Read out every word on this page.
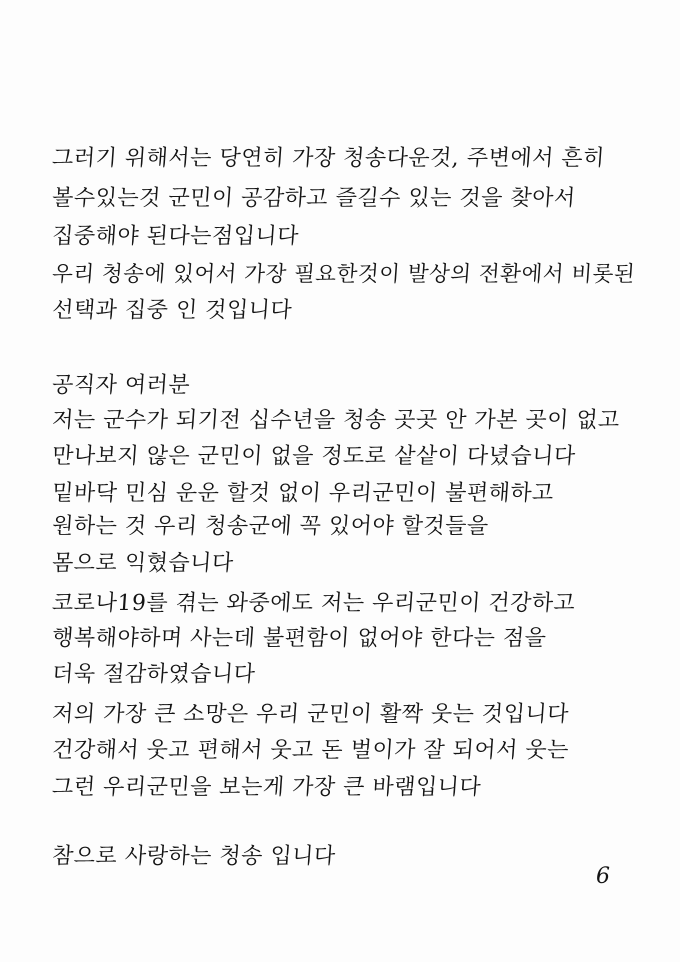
그러기 위해서는 당연히 가장 청송다운것, 주변에서 흔히
볼수있는것 군민이 공감하고 즐길수 있는 것을 찾아서
집중해야 된다는점입니다
우리 청송에 있어서 가장 필요한것이 발상의 전환에서 비롯된
선택과 집중 인 것입니다
공직자 여러분
저는 군수가 되기전 십수년을 청송 곳곳 안 가본 곳이 없고
만나보지 않은 군민이 없을 정도로 샅샅이 다녔습니다
밑바닥 민심 운운 할것 없이 우리군민이 불편해하고
원하는 것 우리 청송군에 꼭 있어야 할것들을
몸으로 익혔습니다
코로나19를 겪는 와중에도 저는 우리군민이 건강하고
행복해야하며 사는데 불편함이 없어야 한다는 점을
더욱 절감하였습니다
저의 가장 큰 소망은 우리 군민이 활짝 웃는 것입니다
건강해서 웃고 편해서 웃고 돈 벌이가 잘 되어서 웃는
그런 우리군민을 보는게 가장 큰 바램입니다
참으로 사랑하는 청송 입니다
6
